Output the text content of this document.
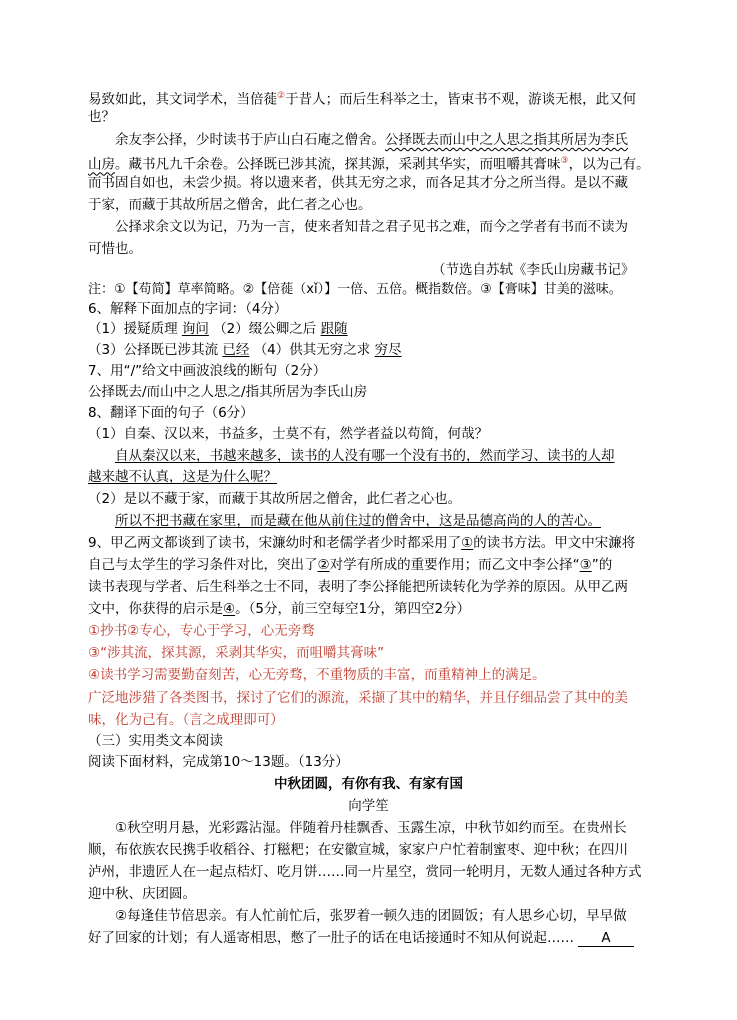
易致如此，其文词学术，当倍蓰②于昔人；而后生科举之士，皆束书不观，游谈无根，此又何
也？
余友李公择，少时读书于庐山白石庵之僧舍。公择既去而山中之人思之指其所居为李氏
山房。藏书凡九千余卷。公择既已涉其流，探其源，采剥其华实，而咀嚼其膏味③，以为己有。
而书固自如也，未尝少损。将以遗来者，供其无穷之求，而各足其才分之所当得。是以不藏
于家，而藏于其故所居之僧舍，此仁者之心也。
公择求余文以为记，乃为一言，使来者知昔之君子见书之难，而今之学者有书而不读为
可惜也。
（节选自苏轼《李氏山房藏书记》
注：①【苟简】草率简略。②【倍蓰（xǐ）】一倍、五倍。概指数倍。③【膏味】甘美的滋味。
6、解释下面加点的字词：（4分）
（1）援疑质理 询问 （2）缀公卿之后 跟随
（3）公择既已涉其流 已经 （4）供其无穷之求 穷尽
7、用“/”给文中画波浪线的断句（2分）
公择既去/而山中之人思之/指其所居为李氏山房
8、翻译下面的句子（6分）
（1）自秦、汉以来，书益多，士莫不有，然学者益以苟简，何哉？
自从秦汉以来，书越来越多，读书的人没有哪一个没有书的，然而学习、读书的人却
越来越不认真，这是为什么呢？
（2）是以不藏于家，而藏于其故所居之僧舍，此仁者之心也。
所以不把书藏在家里，而是藏在他从前住过的僧舍中，这是品德高尚的人的苦心。
9、甲乙两文都谈到了读书，宋濂幼时和老儒学者少时都采用了①的读书方法。甲文中宋濂将
自己与太学生的学习条件对比，突出了②对学有所成的重要作用；而乙文中李公择“③”的
读书表现与学者、后生科举之士不同，表明了李公择能把所读转化为学养的原因。从甲乙两
文中，你获得的启示是④。（5分，前三空每空1分，第四空2分）
①抄书②专心，专心于学习，心无旁骛
③“涉其流，探其源，采剥其华实，而咀嚼其膏味”
④读书学习需要勤奋刻苦，心无旁骛，不重物质的丰富，而重精神上的满足。
广泛地涉猎了各类图书，探讨了它们的源流，采撷了其中的精华，并且仔细品尝了其中的美
味，化为己有。（言之成理即可）
（三）实用类文本阅读
阅读下面材料，完成第10～13题。（13分）
中秋团圆，有你有我、有家有国
向学笙
①秋空明月悬，光彩露沾湿。伴随着丹桂飘香、玉露生凉，中秋节如约而至。在贵州长
顺，布依族农民携手收稻谷、打糍粑；在安徽宣城，家家户户忙着制蜜枣、迎中秋；在四川
泸州，非遗匠人在一起点桔灯、吃月饼……同一片星空，赏同一轮明月，无数人通过各种方式
迎中秋、庆团圆。
②每逢佳节倍思亲。有人忙前忙后，张罗着一顿久违的团圆饭；有人思乡心切，早早做
好了回家的计划；有人遥寄相思，憋了一肚子的话在电话接通时不知从何说起…… A
